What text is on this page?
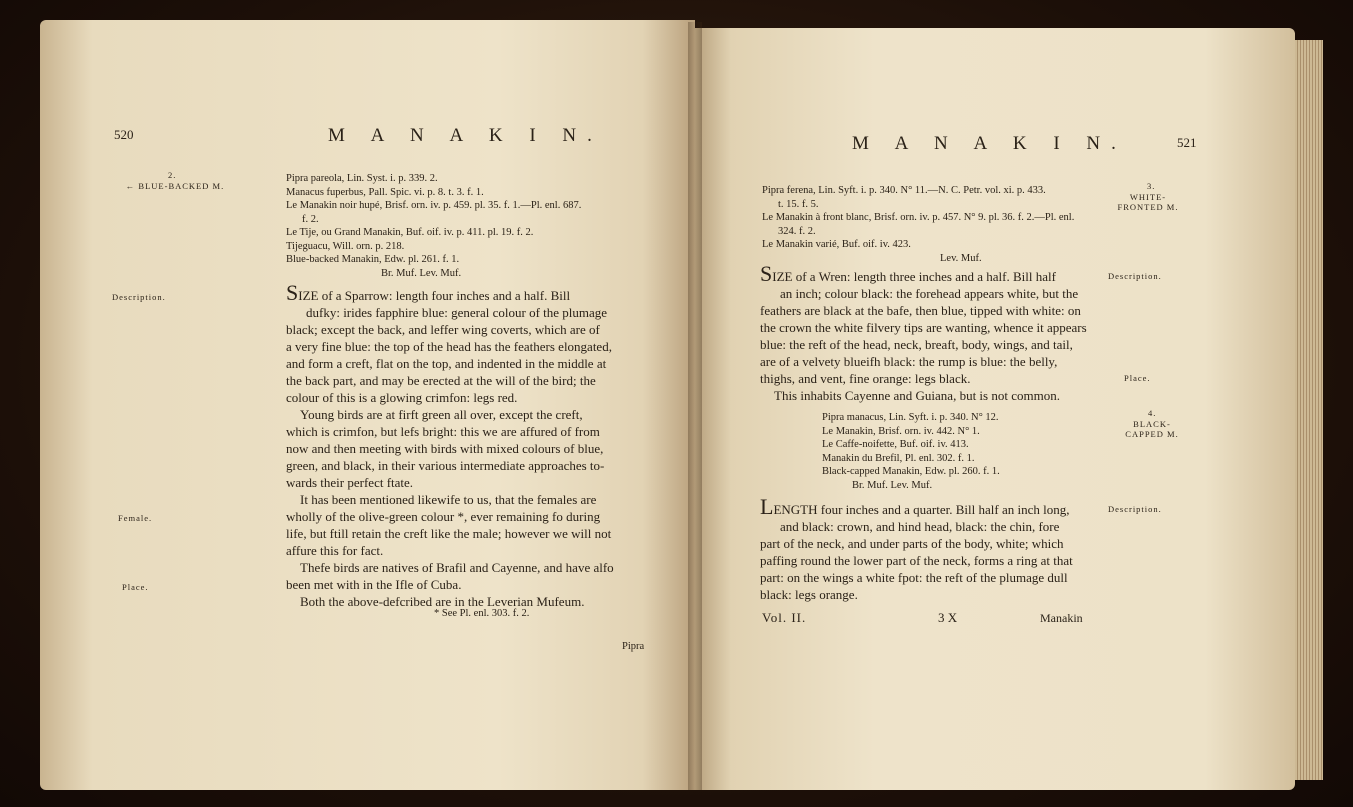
520	M A N A K I N.
2.
← BLUE-BACKED M.
Pipra pareola, Lin. Syst. i. p. 339. 2.
Manacus fuperbus, Pall. Spic. vi. p. 8. t. 3. f. 1.
Le Manakin noir hupé, Brisf. orn. iv. p. 459. pl. 35. f. 1.—Pl. enl. 687.
f. 2.
Le Tije, ou Grand Manakin, Buf. oif. iv. p. 411. pl. 19. f. 2.
Tijeguacu, Will. orn. p. 218.
Blue-backed Manakin, Edw. pl. 261. f. 1.
Br. Muf. Lev. Muf.
Description.	SIZE of a Sparrow: length four inches and a half. Bill
dufky: irides fapphire blue: general colour of the plumage
black; except the back, and leffer wing coverts, which are of
a very fine blue: the top of the head has the feathers elongated,
and form a creft, flat on the top, and indented in the middle at
the back part, and may be erected at the will of the bird; the
colour of this is a glowing crimfon: legs red.
Young birds are at firft green all over, except the creft,
which is crimfon, but lefs bright: this we are affured of from
now and then meeting with birds with mixed colours of blue,
green, and black, in their various intermediate approaches to-
wards their perfect ftate.
It has been mentioned likewife to us, that the females are
wholly of the olive-green colour *, ever remaining fo during
life, but ftill retain the creft like the male; however we will not
affure this for fact.
Thefe birds are natives of Brafil and Cayenne, and have alfo
been met with in the Ifle of Cuba.
Both the above-defcribed are in the Leverian Mufeum.
Female.
Place.
* See Pl. enl. 303. f. 2.
Pipra
M A N A K I N.	521
Pipra ferena, Lin. Syft. i. p. 340. N° 11.—N. C. Petr. vol. xi. p. 433.
t. 15. f. 5.
Le Manakin à front blanc, Brisf. orn. iv. p. 457. N° 9. pl. 36. f. 2.—Pl. enl.
324. f. 2.
Le Manakin varié, Buf. oif. iv. 423.
Lev. Muf.
3.
WHITE-FRONTED M.
Description.
SIZE of a Wren: length three inches and a half. Bill half
an inch; colour black: the forehead appears white, but the
feathers are black at the bafe, then blue, tipped with white: on
the crown the white filvery tips are wanting, whence it appears
blue: the reft of the head, neck, breaft, body, wings, and tail,
are of a velvety blueifh black: the rump is blue: the belly,
thighs, and vent, fine orange: legs black.
This inhabits Cayenne and Guiana, but is not common.
Place.
Pipra manacus, Lin. Syft. i. p. 340. N° 12.
Le Manakin, Brisf. orn. iv. 442. N° 1.
Le Caffe-noifette, Buf. oif. iv. 413.
Manakin du Brefil, Pl. enl. 302. f. 1.
Black-capped Manakin, Edw. pl. 260. f. 1.
Br. Muf. Lev. Muf.
4.
BLACK-CAPPED M.
Description.
LENGTH four inches and a quarter. Bill half an inch long,
and black: crown, and hind head, black: the chin, fore
part of the neck, and under parts of the body, white; which
paffing round the lower part of the neck, forms a ring at that
part: on the wings a white fpot: the reft of the plumage dull
black: legs orange.
Vol. II.	3 X	Manakin
